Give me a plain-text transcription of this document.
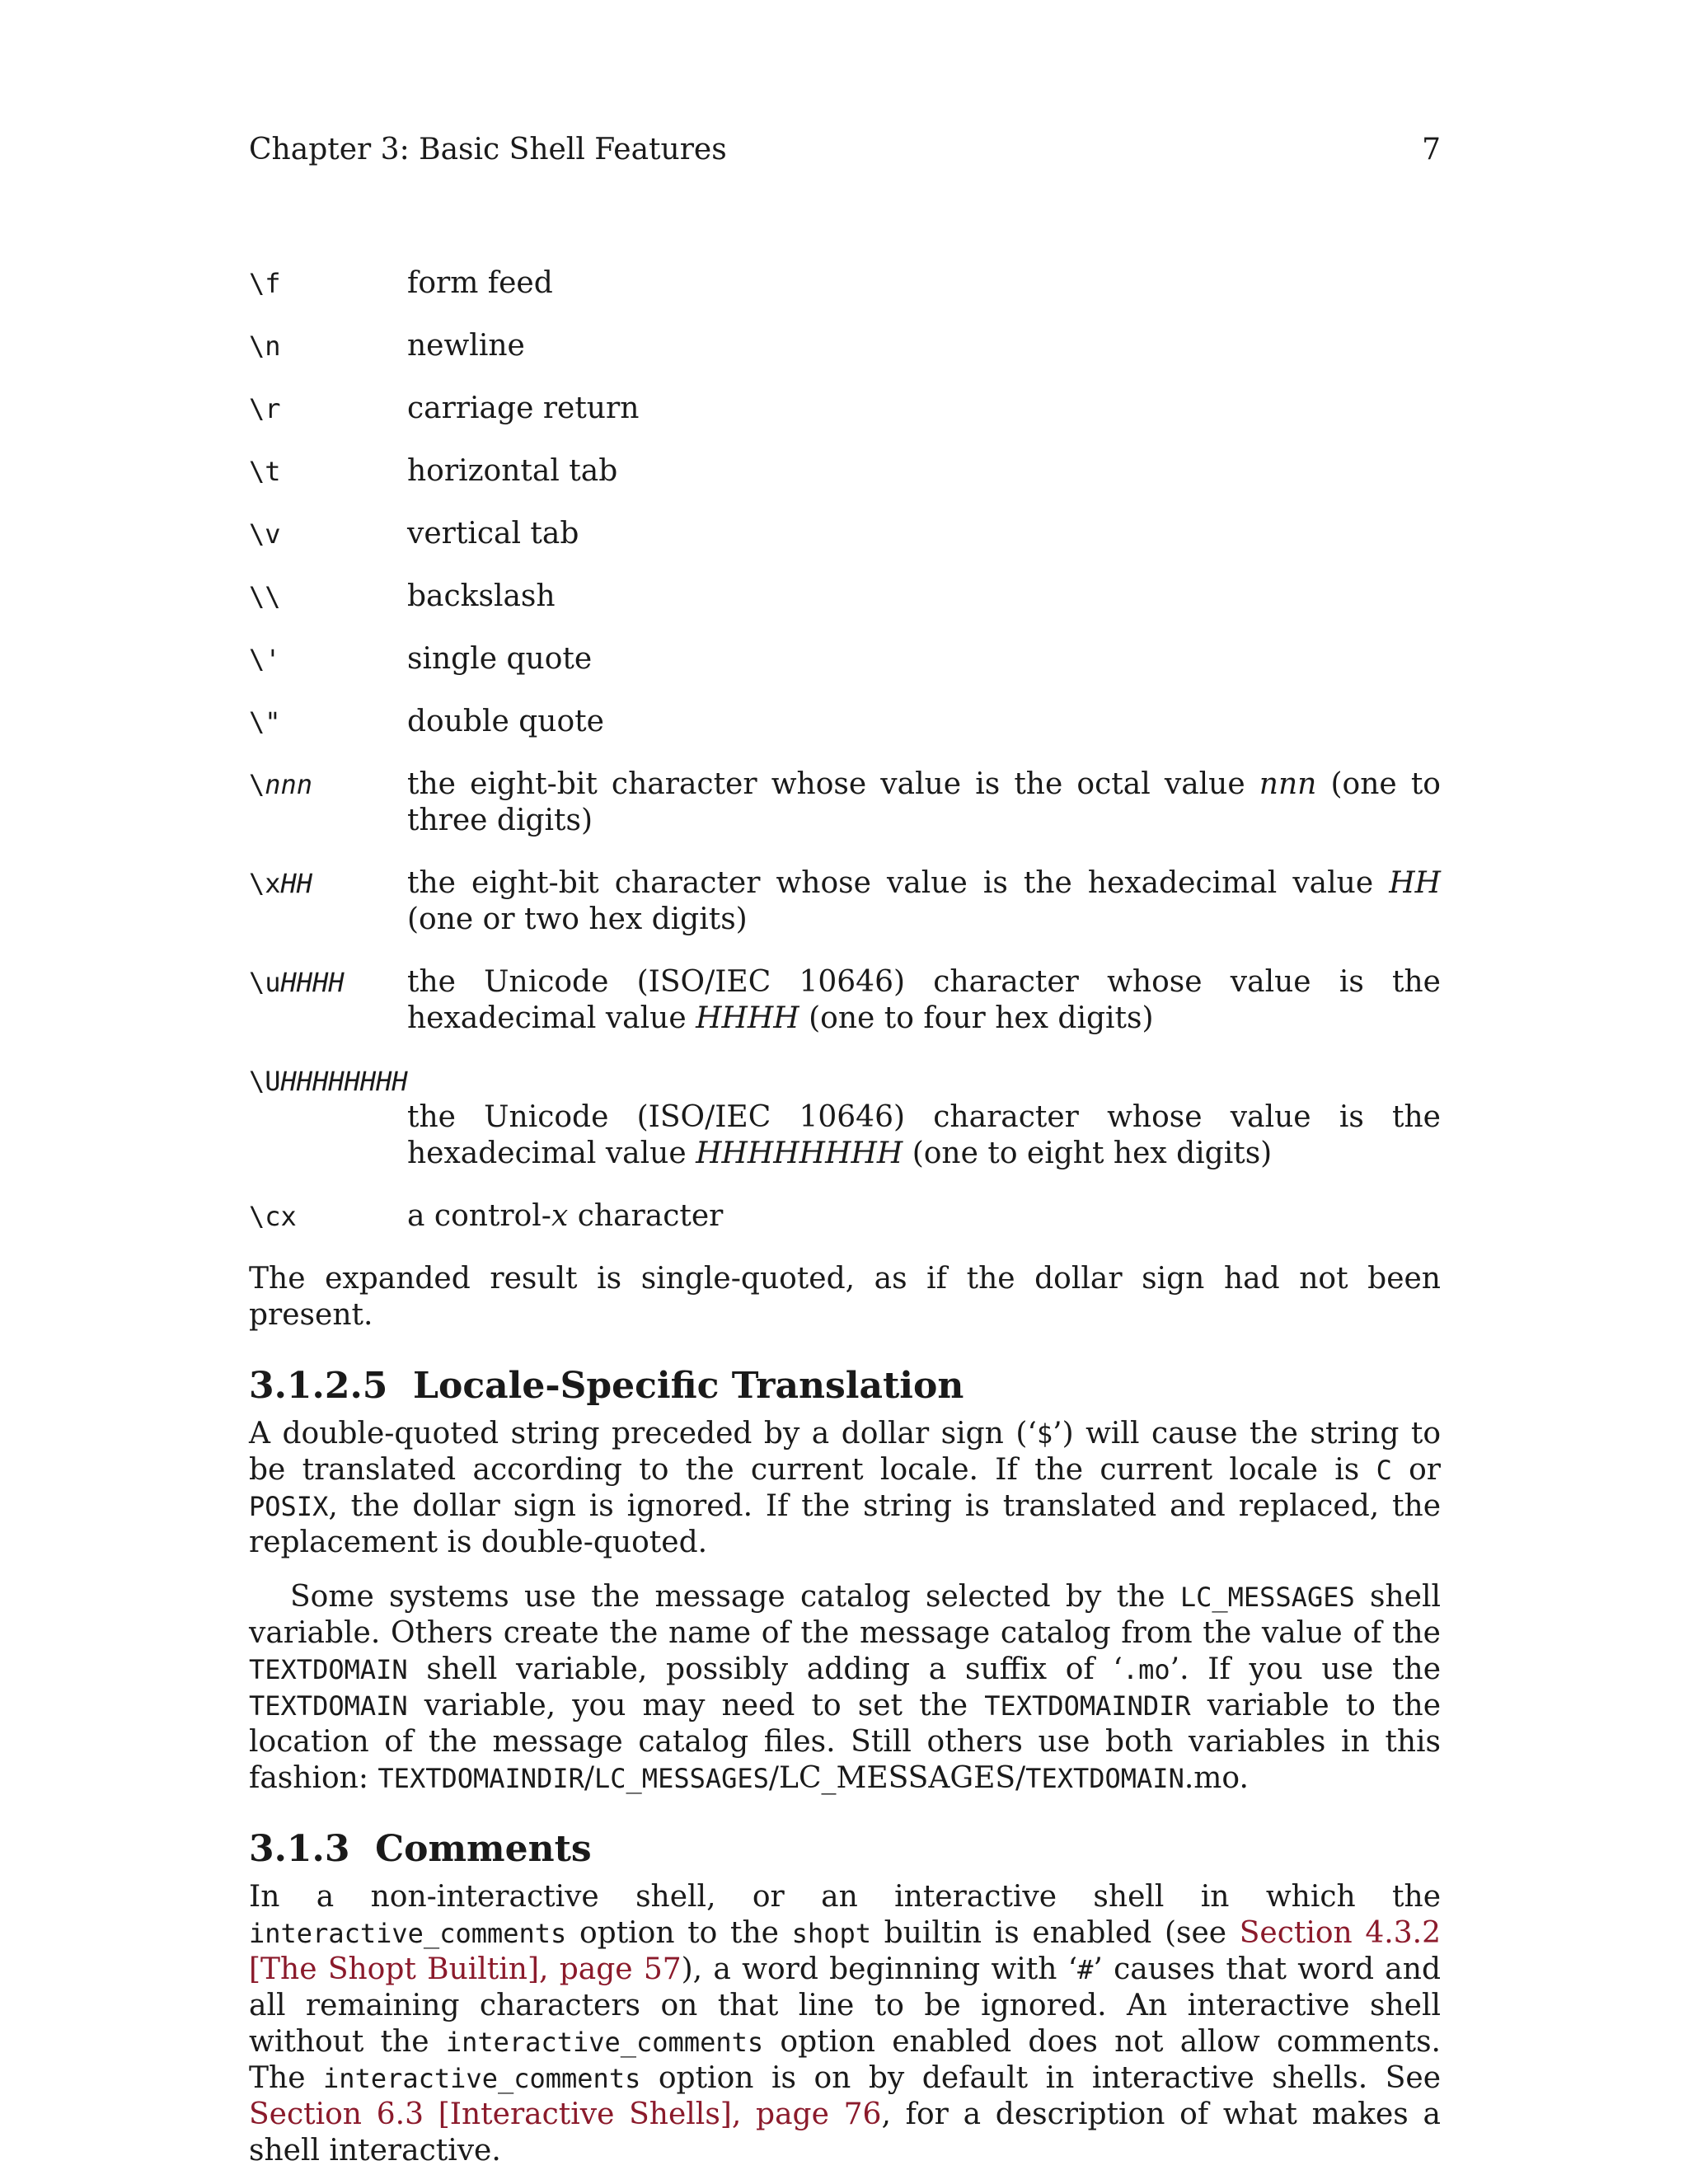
Chapter 3: Basic Shell Features	7
\f	form feed
\n	newline
\r	carriage return
\t	horizontal tab
\v	vertical tab
\\	backslash
\'	single quote
\"	double quote
\nnn	the eight-bit character whose value is the octal value nnn (one to three digits)
\xHH	the eight-bit character whose value is the hexadecimal value HH (one or two hex digits)
\uHHHH	the Unicode (ISO/IEC 10646) character whose value is the hexadecimal value HHHH (one to four hex digits)
\UHHHHHHHH
the Unicode (ISO/IEC 10646) character whose value is the hexadecimal value HHHHHHHH (one to eight hex digits)
\cx	a control-x character

The expanded result is single-quoted, as if the dollar sign had not been present.

3.1.2.5  Locale-Specific Translation

A double-quoted string preceded by a dollar sign (‘$’) will cause the string to be translated according to the current locale. If the current locale is C or POSIX, the dollar sign is ignored. If the string is translated and replaced, the replacement is double-quoted.

Some systems use the message catalog selected by the LC_MESSAGES shell variable. Others create the name of the message catalog from the value of the TEXTDOMAIN shell variable, possibly adding a suffix of ‘.mo’. If you use the TEXTDOMAIN variable, you may need to set the TEXTDOMAINDIR variable to the location of the message catalog files. Still others use both variables in this fashion: TEXTDOMAINDIR/LC_MESSAGES/LC_MESSAGES/TEXTDOMAIN.mo.

3.1.3  Comments

In a non-interactive shell, or an interactive shell in which the interactive_comments option to the shopt builtin is enabled (see Section 4.3.2 [The Shopt Builtin], page 57), a word beginning with ‘#’ causes that word and all remaining characters on that line to be ignored. An interactive shell without the interactive_comments option enabled does not allow comments. The interactive_comments option is on by default in interactive shells. See Section 6.3 [Interactive Shells], page 76, for a description of what makes a shell interactive.
